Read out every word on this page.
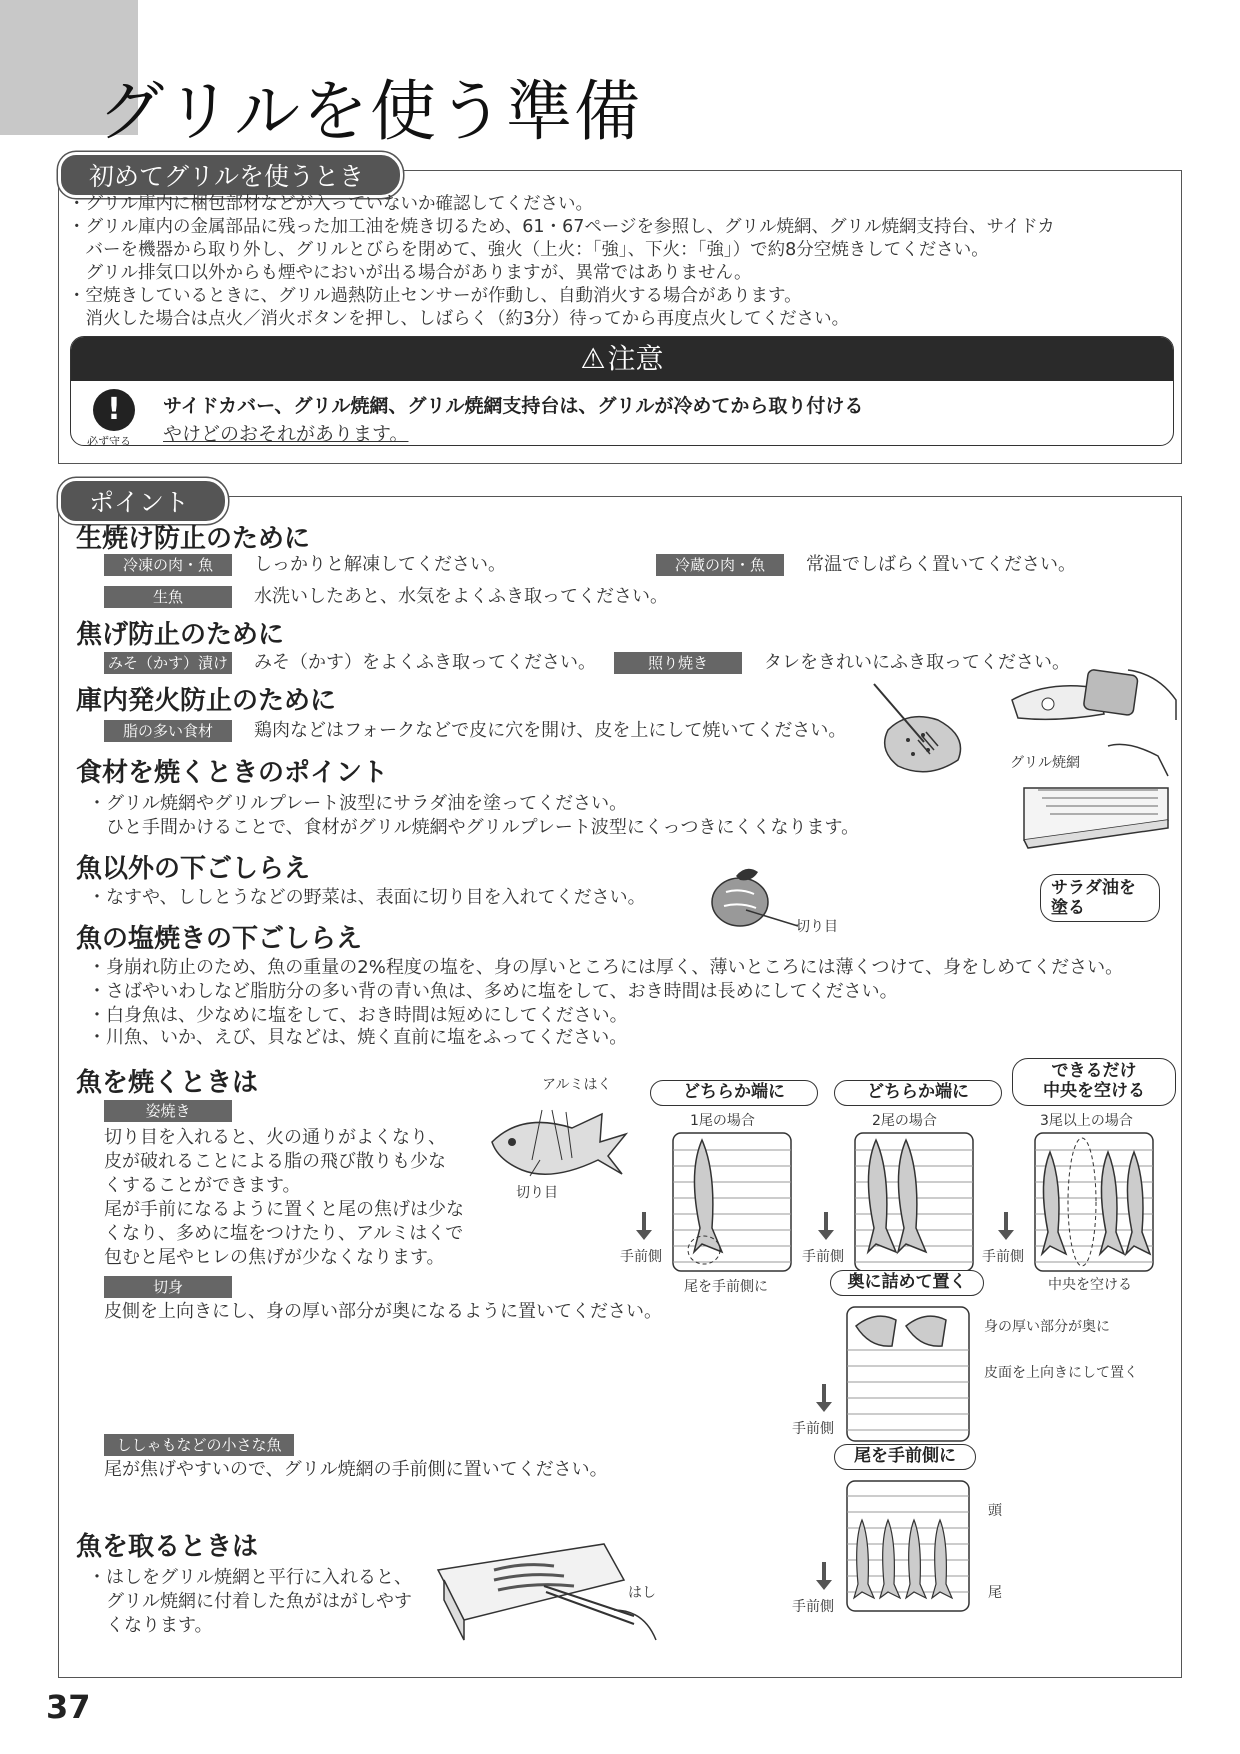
グリルを使う準備
初めてグリルを使うとき

・グリル庫内に梱包部材などが入っていないか確認してください。

・グリル庫内の金属部品に残った加工油を焼き切るため、61・67ページを参照し、グリル焼網、グリル焼網支持台、サイドカ

　バーを機器から取り外し、グリルとびらを閉めて、強火（上火：「強」、下火：「強」）で約8分空焼きしてください。

　グリル排気口以外からも煙やにおいが出る場合がありますが、異常ではありません。

・空焼きしているときに、グリル過熱防止センサーが作動し、自動消火する場合があります。

　消火した場合は点火／消火ボタンを押し、しばらく（約3分）待ってから再度点火してください。

⚠注意
!
必ず守る
サイドカバー、グリル焼網、グリル焼網支持台は、グリルが冷めてから取り付ける
やけどのおそれがあります。
ポイント
生焼け防止のために
冷凍の肉・魚	しっかりと解凍してください。	冷蔵の肉・魚	常温でしばらく置いてください。
生魚	水洗いしたあと、水気をよくふき取ってください。
焦げ防止のために
みそ（かす）漬け みそ（かす）をよくふき取ってください。	照り焼き	タレをきれいにふき取ってください。
庫内発火防止のために
脂の多い食材	鶏肉などはフォークなどで皮に穴を開け、皮を上にして焼いてください。
グリル焼網
サラダ油を
塗る
食材を焼くときのポイント
・グリル焼網やグリルプレート波型にサラダ油を塗ってください。
　ひと手間かけることで、食材がグリル焼網やグリルプレート波型にくっつきにくくなります。
魚以外の下ごしらえ
・なすや、ししとうなどの野菜は、表面に切り目を入れてください。
切り目
魚の塩焼きの下ごしらえ
・身崩れ防止のため、魚の重量の2%程度の塩を、身の厚いところには厚く、薄いところには薄くつけて、身をしめてください。
・さばやいわしなど脂肪分の多い背の青い魚は、多めに塩をして、おき時間は長めにしてください。
・白身魚は、少なめに塩をして、おき時間は短めにしてください。
・川魚、いか、えび、貝などは、焼く直前に塩をふってください。
魚を焼くときは
姿焼き
切り目を入れると、火の通りがよくなり、
皮が破れることによる脂の飛び散りも少な
くすることができます。
尾が手前になるように置くと尾の焦げは少な
くなり、多めに塩をつけたり、アルミはくで
包むと尾やヒレの焦げが少なくなります。
アルミはく
切り目
切身
皮側を上向きにし、身の厚い部分が奥になるように置いてください。
ししゃもなどの小さな魚
尾が焦げやすいので、グリル焼網の手前側に置いてください。
どちらか端に
1尾の場合
どちらか端に
2尾の場合
できるだけ
中央を空ける
3尾以上の場合
手前側	手前側	手前側
尾を手前側に	中央を空ける
奥に詰めて置く
手前側
身の厚い部分が奥に
皮面を上向きにして置く
尾を手前側に
手前側
頭
尾
魚を取るときは
・はしをグリル焼網と平行に入れると、
　グリル焼網に付着した魚がはがしやす
　くなります。
はし
37
